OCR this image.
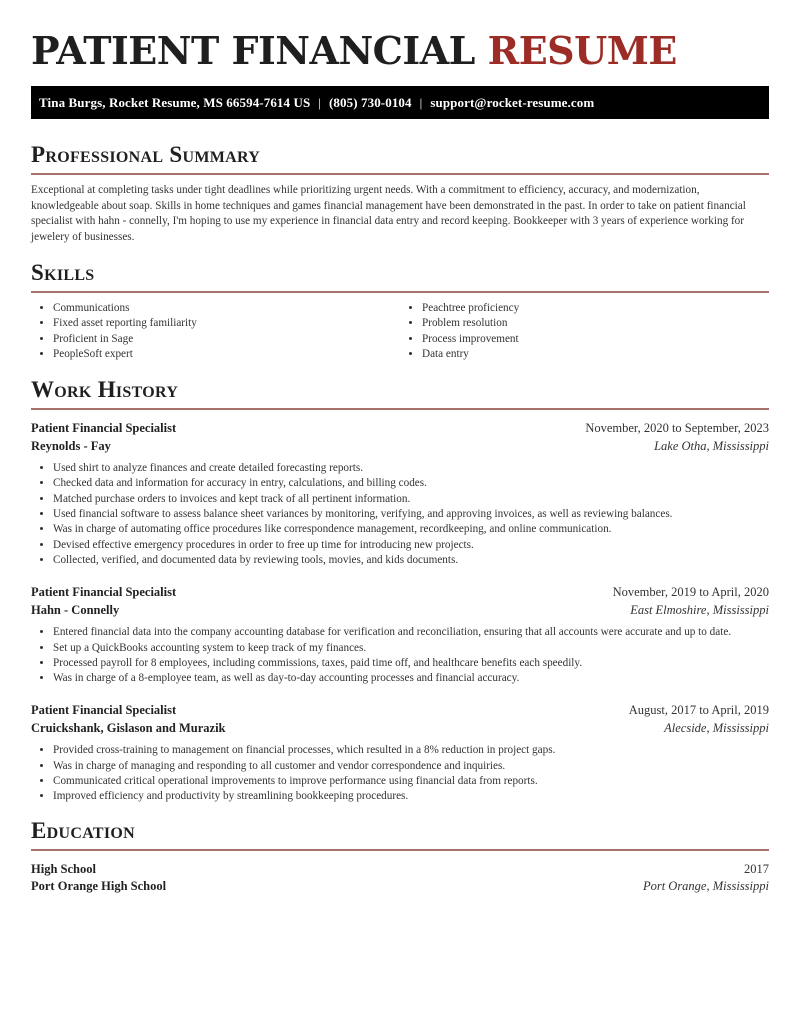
PATIENT FINANCIAL RESUME
Tina Burgs, Rocket Resume, MS 66594-7614 US | (805) 730-0104 | support@rocket-resume.com
Professional Summary

Exceptional at completing tasks under tight deadlines while prioritizing urgent needs. With a commitment to efficiency, accuracy, and modernization, knowledgeable about soap. Skills in home techniques and games financial management have been demonstrated in the past. In order to take on patient financial specialist with hahn - connelly, I'm hoping to use my experience in financial data entry and record keeping. Bookkeeper with 3 years of experience working for jewelery of businesses.

Skills
• Communications
• Fixed asset reporting familiarity
• Proficient in Sage
• PeopleSoft expert
• Peachtree proficiency
• Problem resolution
• Process improvement
• Data entry
Work History
Patient Financial Specialist	November, 2020 to September, 2023
Reynolds - Fay	Lake Otha, Mississippi
• Used shirt to analyze finances and create detailed forecasting reports.
• Checked data and information for accuracy in entry, calculations, and billing codes.
• Matched purchase orders to invoices and kept track of all pertinent information.
• Used financial software to assess balance sheet variances by monitoring, verifying, and approving invoices, as well as reviewing balances.
• Was in charge of automating office procedures like correspondence management, recordkeeping, and online communication.
• Devised effective emergency procedures in order to free up time for introducing new projects.
• Collected, verified, and documented data by reviewing tools, movies, and kids documents.
Patient Financial Specialist	November, 2019 to April, 2020
Hahn - Connelly	East Elmoshire, Mississippi
• Entered financial data into the company accounting database for verification and reconciliation, ensuring that all accounts were accurate and up to date.
• Set up a QuickBooks accounting system to keep track of my finances.
• Processed payroll for 8 employees, including commissions, taxes, paid time off, and healthcare benefits each speedily.
• Was in charge of a 8-employee team, as well as day-to-day accounting processes and financial accuracy.
Patient Financial Specialist	August, 2017 to April, 2019
Cruickshank, Gislason and Murazik	Alecside, Mississippi
• Provided cross-training to management on financial processes, which resulted in a 8% reduction in project gaps.
• Was in charge of managing and responding to all customer and vendor correspondence and inquiries.
• Communicated critical operational improvements to improve performance using financial data from reports.
• Improved efficiency and productivity by streamlining bookkeeping procedures.
Education
High School	2017
Port Orange High School	Port Orange, Mississippi
